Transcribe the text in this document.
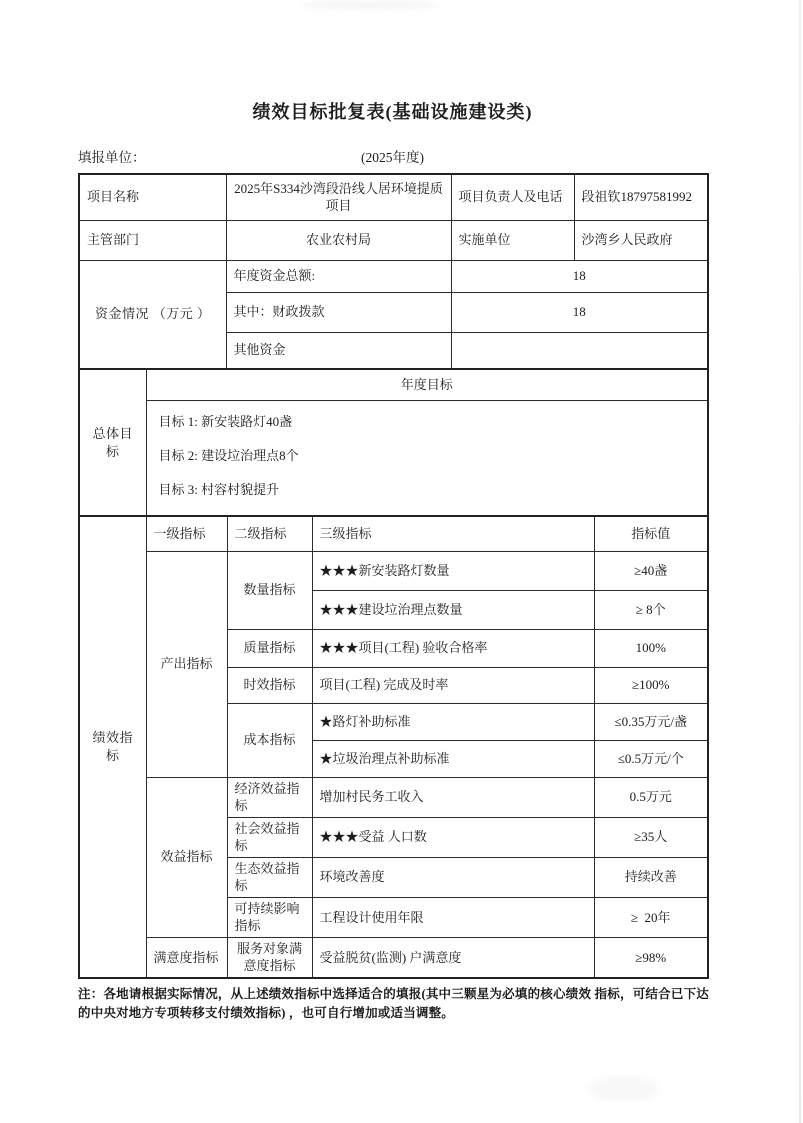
绩效目标批复表(基础设施建设类)
填报单位：	(2025年度)
项目名称	2025年S334沙湾段沿线人居环境提质项目	项目负责人及电话	段祖钦18797581992
主管部门	农业农村局	实施单位	沙湾乡人民政府
资金情况 （万元 ）	年度资金总额:	18	
	其中：财政拨款	18	
	其他资金		
总体目标	年度目标

目标 1: 新安装路灯40盏
目标 2: 建设垃治理点8个
目标 3: 村容村貌提升
绩效指标	一级指标	二级指标	三级指标	指标值
	产出指标	数量指标	★★★新安装路灯数量	≥40盏
			★★★建设垃治理点数量	≥ 8个
		质量指标	★★★项目(工程) 验收合格率	100%
		时效指标	项目(工程) 完成及时率	≥100%
		成本指标	★路灯补助标准	≤0.35万元/盏
			★垃圾治理点补助标准	≤0.5万元/个
	效益指标	经济效益指标	增加村民务工收入	0.5万元
		社会效益指标	★★★受益 人口数	≥35人
		生态效益指标	环境改善度	持续改善
		可持续影响指标	工程设计使用年限	≥  20年
	满意度指标	服务对象满意度指标	受益脱贫(监测) 户满意度	≥98%
注：各地请根据实际情况，从上述绩效指标中选择适合的填报(其中三颗星为必填的核心绩效 指标，可结合已下达的中央对地方专项转移支付绩效指标) ，也可自行增加或适当调整。
